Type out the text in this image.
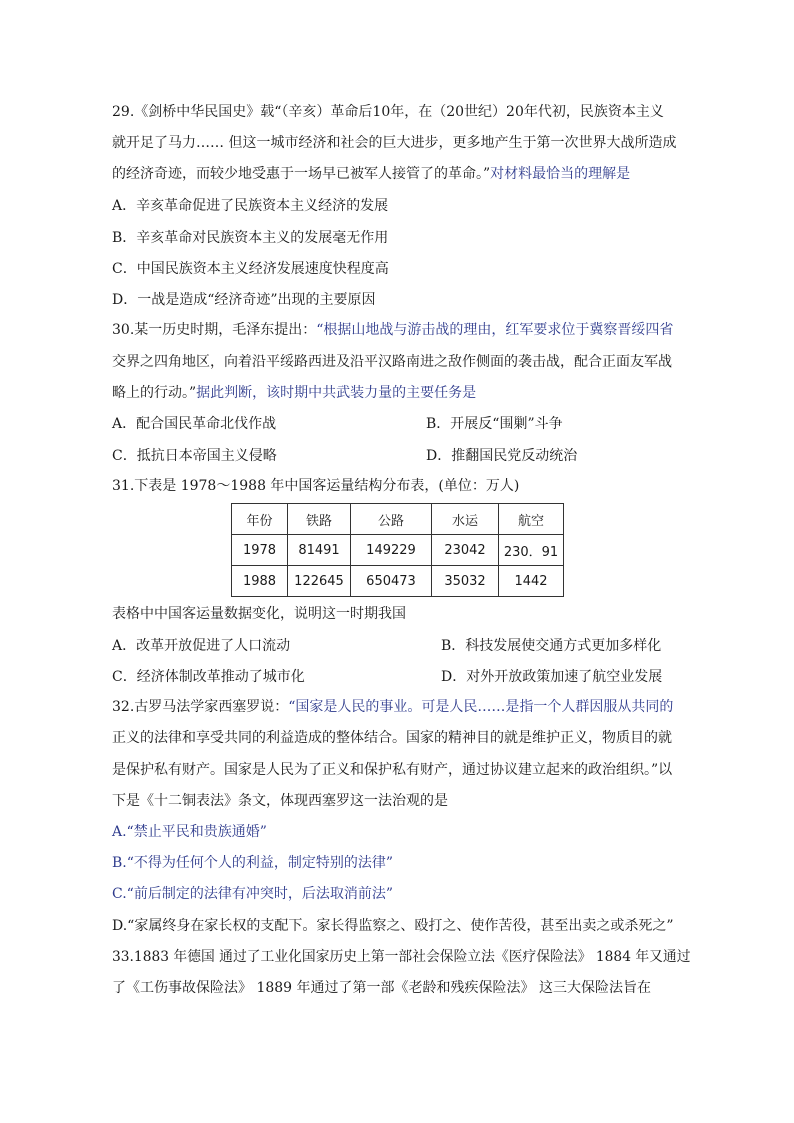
29.《剑桥中华民国史》载“（辛亥）革命后10年，在（20世纪）20年代初，民族资本主义
就开足了马力…… 但这一城市经济和社会的巨大进步，更多地产生于第一次世界大战所造成
的经济奇迹，而较少地受惠于一场早已被军人接管了的革命。”对材料最恰当的理解是
A．辛亥革命促进了民族资本主义经济的发展
B．辛亥革命对民族资本主义的发展毫无作用
C．中国民族资本主义经济发展速度快程度高
D．一战是造成“经济奇迹”出现的主要原因
30.某一历史时期，毛泽东提出：“根据山地战与游击战的理由，红军要求位于冀察晋绥四省
交界之四角地区，向着沿平绥路西进及沿平汉路南进之敌作侧面的袭击战，配合正面友军战
略上的行动。”据此判断，该时期中共武装力量的主要任务是
A．配合国民革命北伐作战	B．开展反“围剿”斗争
C．抵抗日本帝国主义侵略	D．推翻国民党反动统治
31.下表是 1978～1988 年中国客运量结构分布表，(单位：万人)
年份	铁路	公路	水运	航空
1978	81491	149229	23042	230．91
1988	122645	650473	35032	1442
表格中中国客运量数据变化，说明这一时期我国
A．改革开放促进了人口流动	B．科技发展使交通方式更加多样化
C．经济体制改革推动了城市化	D．对外开放政策加速了航空业发展
32.古罗马法学家西塞罗说：“国家是人民的事业。可是人民……是指一个人群因服从共同的
正义的法律和享受共同的利益造成的整体结合。国家的精神目的就是维护正义，物质目的就
是保护私有财产。国家是人民为了正义和保护私有财产，通过协议建立起来的政治组织。”以
下是《十二铜表法》条文，体现西塞罗这一法治观的是
A.“禁止平民和贵族通婚”
B.“不得为任何个人的利益，制定特别的法律”
C.“前后制定的法律有冲突时，后法取消前法”
D.“家属终身在家长权的支配下。家长得监察之、殴打之、使作苦役，甚至出卖之或杀死之”
33.1883 年德国 通过了工业化国家历史上第一部社会保险立法《医疗保险法》 1884 年又通过
了《工伤事故保险法》 1889 年通过了第一部《老龄和残疾保险法》 这三大保险法旨在
